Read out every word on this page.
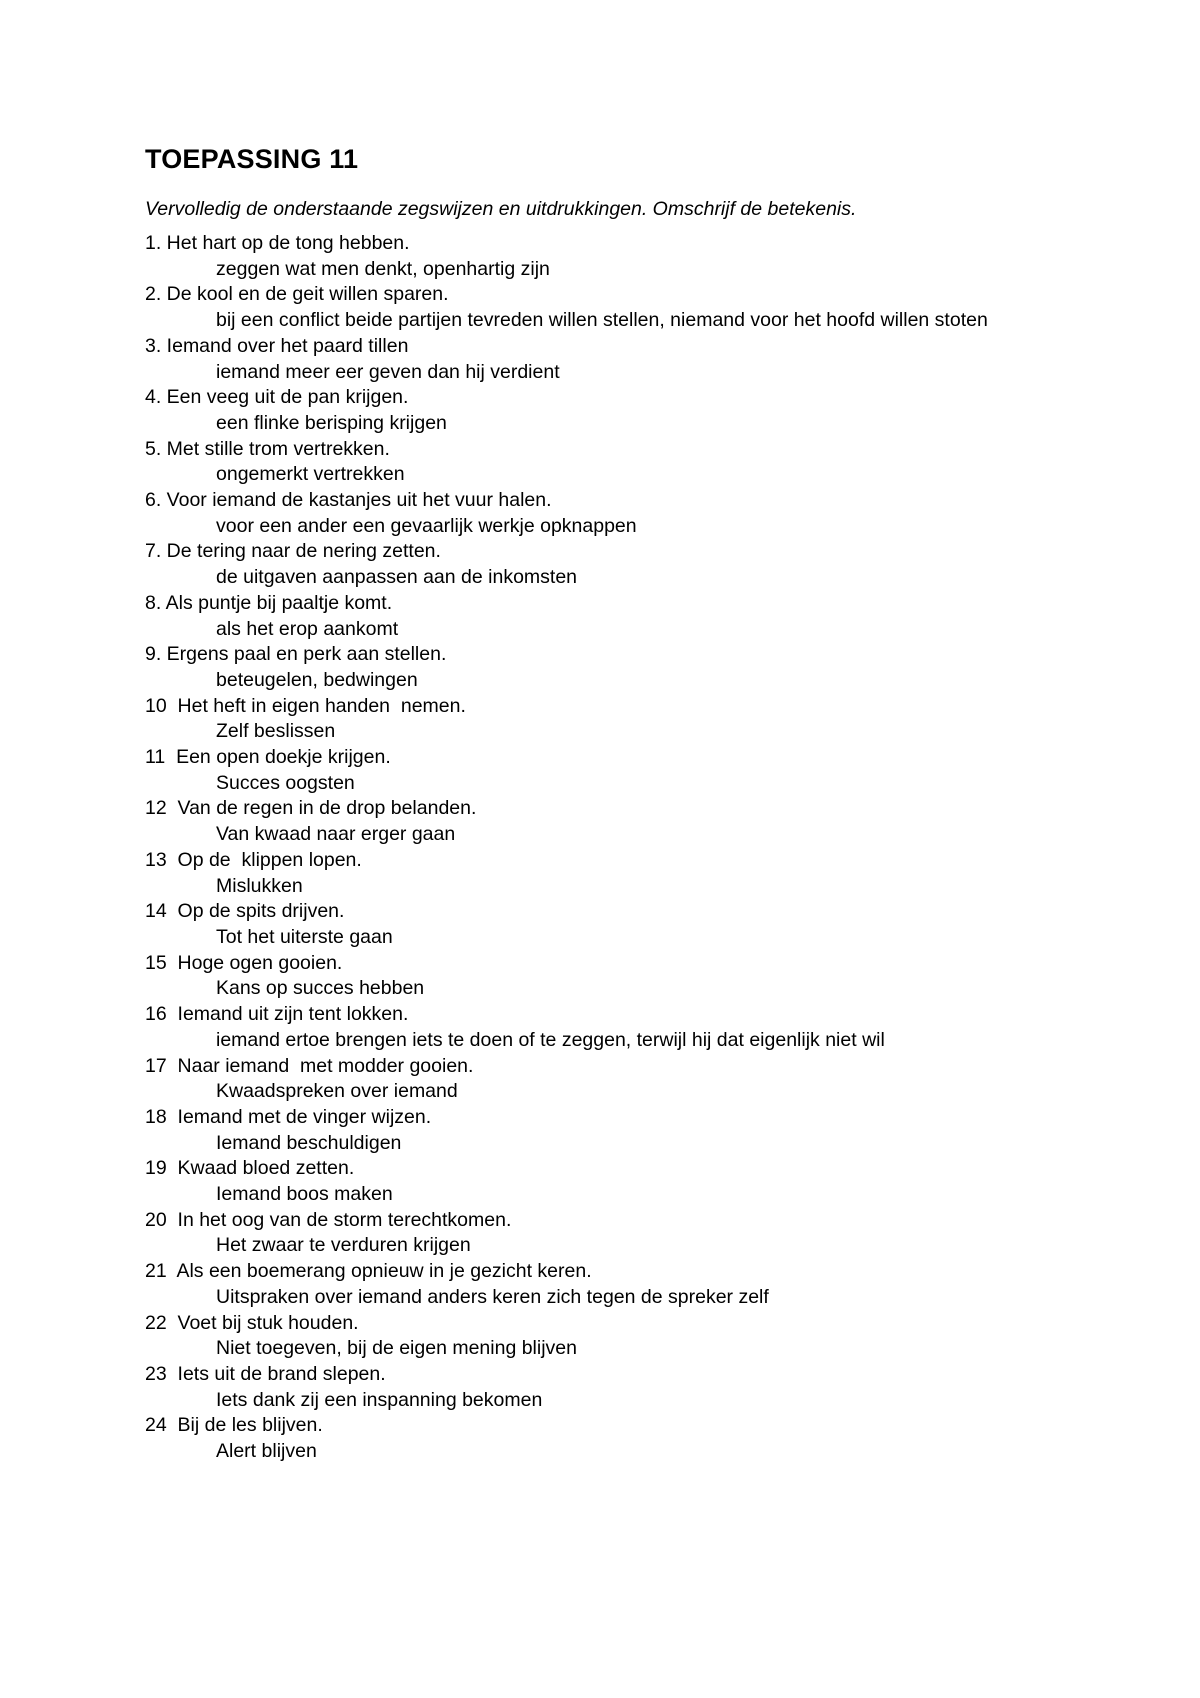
TOEPASSING 11
Vervolledig de onderstaande zegswijzen en uitdrukkingen. Omschrijf de betekenis.
1. Het hart op de tong hebben.
zeggen wat men denkt, openhartig zijn
2. De kool en de geit willen sparen.
bij een conflict beide partijen tevreden willen stellen, niemand voor het hoofd willen stoten
3. Iemand over het paard tillen
iemand meer eer geven dan hij verdient
4. Een veeg uit de pan krijgen.
een flinke berisping krijgen
5. Met stille trom vertrekken.
ongemerkt vertrekken
6. Voor iemand de kastanjes uit het vuur halen.
voor een ander een gevaarlijk werkje opknappen
7. De tering naar de nering zetten.
de uitgaven aanpassen aan de inkomsten
8. Als puntje bij paaltje komt.
als het erop aankomt
9. Ergens paal en perk aan stellen.
beteugelen, bedwingen
10  Het heft in eigen handen  nemen.
Zelf beslissen
11  Een open doekje krijgen.
Succes oogsten
12  Van de regen in de drop belanden.
Van kwaad naar erger gaan
13  Op de  klippen lopen.
Mislukken
14  Op de spits drijven.
Tot het uiterste gaan
15  Hoge ogen gooien.
Kans op succes hebben
16  Iemand uit zijn tent lokken.
iemand ertoe brengen iets te doen of te zeggen, terwijl hij dat eigenlijk niet wil
17  Naar iemand  met modder gooien.
Kwaadspreken over iemand
18  Iemand met de vinger wijzen.
Iemand beschuldigen
19  Kwaad bloed zetten.
Iemand boos maken
20  In het oog van de storm terechtkomen.
Het zwaar te verduren krijgen
21  Als een boemerang opnieuw in je gezicht keren.
Uitspraken over iemand anders keren zich tegen de spreker zelf
22  Voet bij stuk houden.
Niet toegeven, bij de eigen mening blijven
23  Iets uit de brand slepen.
Iets dank zij een inspanning bekomen
24  Bij de les blijven.
Alert blijven
